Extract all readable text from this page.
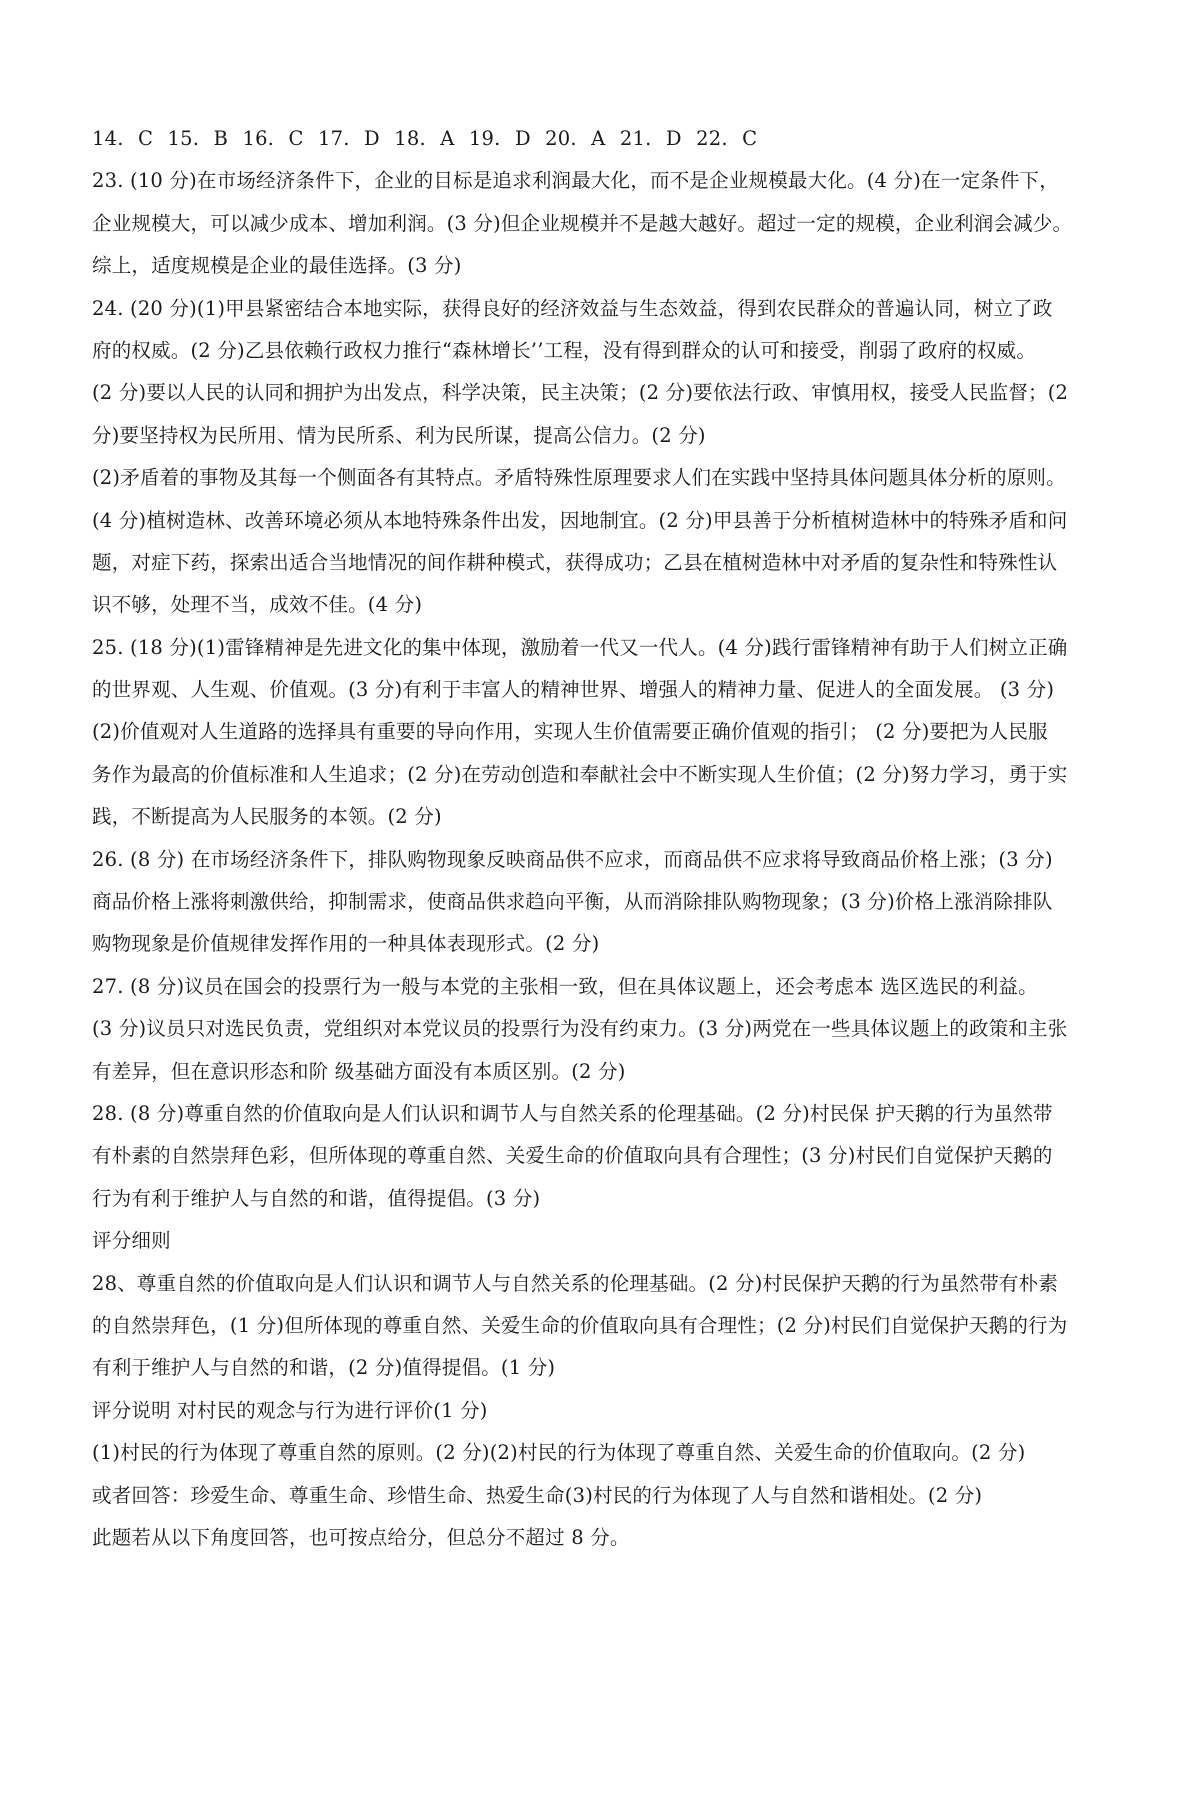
14. C 15. B 16. C 17. D 18. A 19. D 20. A 21. D 22. C
23. (10 分)在市场经济条件下，企业的目标是追求利润最大化，而不是企业规模最大化。(4 分)在一定条件下，
企业规模大，可以减少成本、增加利润。(3 分)但企业规模并不是越大越好。超过一定的规模，企业利润会减少。
综上，适度规模是企业的最佳选择。(3 分)
24. (20 分)(1)甲县紧密结合本地实际，获得良好的经济效益与生态效益，得到农民群众的普遍认同，树立了政
府的权威。(2 分)乙县依赖行政权力推行“森林增长’’工程，没有得到群众的认可和接受，削弱了政府的权威。
(2 分)要以人民的认同和拥护为出发点，科学决策，民主决策；(2 分)要依法行政、审慎用权，接受人民监督；(2
分)要坚持权为民所用、情为民所系、利为民所谋，提高公信力。(2 分)
(2)矛盾着的事物及其每一个侧面各有其特点。矛盾特殊性原理要求人们在实践中坚持具体问题具体分析的原则。
(4 分)植树造林、改善环境必须从本地特殊条件出发，因地制宜。(2 分)甲县善于分析植树造林中的特殊矛盾和问
题，对症下药，探索出适合当地情况的间作耕种模式，获得成功；乙县在植树造林中对矛盾的复杂性和特殊性认
识不够，处理不当，成效不佳。(4 分)
25. (18 分)(1)雷锋精神是先进文化的集中体现，激励着一代又一代人。(4 分)践行雷锋精神有助于人们树立正确
的世界观、人生观、价值观。(3 分)有利于丰富人的精神世界、增强人的精神力量、促进人的全面发展。 (3 分)
(2)价值观对人生道路的选择具有重要的导向作用，实现人生价值需要正确价值观的指引； (2 分)要把为人民服
务作为最高的价值标准和人生追求；(2 分)在劳动创造和奉献社会中不断实现人生价值；(2 分)努力学习，勇于实
践，不断提高为人民服务的本领。(2 分)
26. (8 分) 在市场经济条件下，排队购物现象反映商品供不应求，而商品供不应求将导致商品价格上涨；(3 分)
商品价格上涨将刺激供给，抑制需求，使商品供求趋向平衡，从而消除排队购物现象；(3 分)价格上涨消除排队
购物现象是价值规律发挥作用的一种具体表现形式。(2 分)
27. (8 分)议员在国会的投票行为一般与本党的主张相一致，但在具体议题上，还会考虑本 选区选民的利益。
(3 分)议员只对选民负责，党组织对本党议员的投票行为没有约束力。(3 分)两党在一些具体议题上的政策和主张
有差异，但在意识形态和阶 级基础方面没有本质区别。(2 分)
28. (8 分)尊重自然的价值取向是人们认识和调节人与自然关系的伦理基础。(2 分)村民保 护天鹅的行为虽然带
有朴素的自然崇拜色彩，但所体现的尊重自然、关爱生命的价值取向具有合理性；(3 分)村民们自觉保护天鹅的
行为有利于维护人与自然的和谐，值得提倡。(3 分)
评分细则
28、尊重自然的价值取向是人们认识和调节人与自然关系的伦理基础。(2 分)村民保护天鹅的行为虽然带有朴素
的自然崇拜色，(1 分)但所体现的尊重自然、关爱生命的价值取向具有合理性；(2 分)村民们自觉保护天鹅的行为
有利于维护人与自然的和谐，(2 分)值得提倡。(1 分)
评分说明 对村民的观念与行为进行评价(1 分)
(1)村民的行为体现了尊重自然的原则。(2 分)(2)村民的行为体现了尊重自然、关爱生命的价值取向。(2 分)
或者回答：珍爱生命、尊重生命、珍惜生命、热爱生命(3)村民的行为体现了人与自然和谐相处。(2 分)
此题若从以下角度回答，也可按点给分，但总分不超过 8 分。
